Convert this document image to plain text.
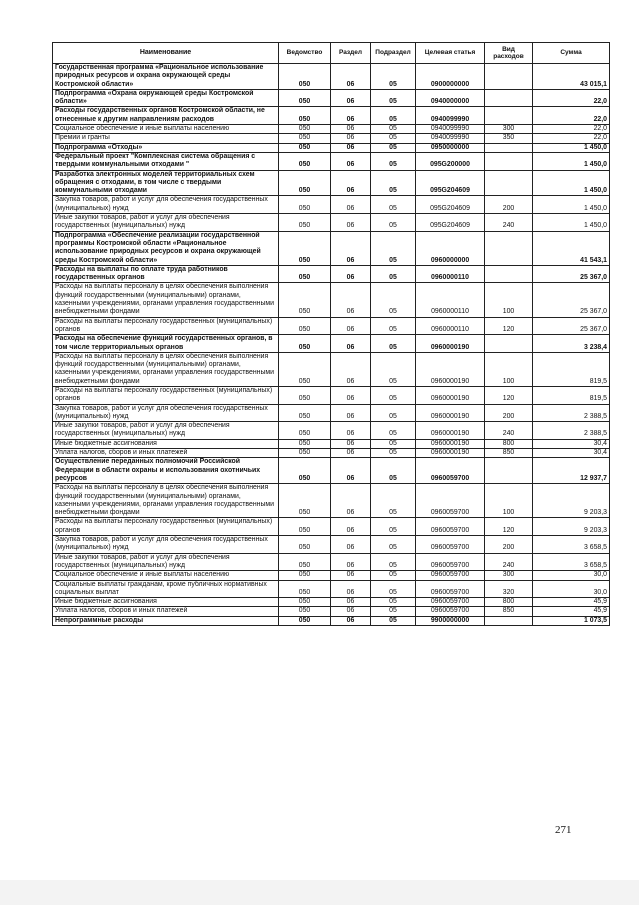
Наименование	Ведомство	Раздел	Подраздел	Целевая статья	Вид расходов	Сумма
Государственная программа «Рациональное использование природных ресурсов и охрана окружающей среды Костромской области»	050	06	05	0900000000		43 015,1
Подпрограмма «Охрана окружающей среды Костромской области»	050	06	05	0940000000		22,0
Расходы государственных органов Костромской области, не отнесенные к другим направлениям расходов	050	06	05	0940099990		22,0
Социальное обеспечение и иные выплаты населению	050	06	05	0940099990	300	22,0
Премии и гранты	050	06	05	0940099990	350	22,0
Подпрограмма «Отходы»	050	06	05	0950000000		1 450,0
Федеральный проект "Комплексная система обращения с твердыми коммунальными отходами "	050	06	05	095G200000		1 450,0
Разработка электронных моделей территориальных схем обращения с отходами, в том числе с твердыми коммунальными отходами	050	06	05	095G204609		1 450,0
Закупка товаров, работ и услуг для обеспечения государственных (муниципальных) нужд	050	06	05	095G204609	200	1 450,0
Иные закупки товаров, работ и услуг для обеспечения государственных (муниципальных) нужд	050	06	05	095G204609	240	1 450,0
Подпрограмма «Обеспечение реализации государственной программы Костромской области «Рациональное использование природных ресурсов и охрана окружающей среды Костромской области»	050	06	05	0960000000		41 543,1
Расходы на выплаты по оплате труда работников государственных органов	050	06	05	0960000110		25 367,0
Расходы на выплаты персоналу в целях обеспечения выполнения функций государственными (муниципальными) органами, казенными учреждениями, органами управления государственными внебюджетными фондами	050	06	05	0960000110	100	25 367,0
Расходы на выплаты персоналу государственных (муниципальных) органов	050	06	05	0960000110	120	25 367,0
Расходы на обеспечение функций государственных органов, в том числе территориальных органов	050	06	05	0960000190		3 238,4
Расходы на выплаты персоналу в целях обеспечения выполнения функций государственными (муниципальными) органами, казенными учреждениями, органами управления государственными внебюджетными фондами	050	06	05	0960000190	100	819,5
Расходы на выплаты персоналу государственных (муниципальных) органов	050	06	05	0960000190	120	819,5
Закупка товаров, работ и услуг для обеспечения государственных (муниципальных) нужд	050	06	05	0960000190	200	2 388,5
Иные закупки товаров, работ и услуг для обеспечения государственных (муниципальных) нужд	050	06	05	0960000190	240	2 388,5
Иные бюджетные ассигнования	050	06	05	0960000190	800	30,4
Уплата налогов, сборов и иных платежей	050	06	05	0960000190	850	30,4
Осуществление переданных полномочий Российской Федерации в области охраны и использования охотничьих ресурсов	050	06	05	0960059700		12 937,7
Расходы на выплаты персоналу в целях обеспечения выполнения функций государственными (муниципальными) органами, казенными учреждениями, органами управления государственными внебюджетными фондами	050	06	05	0960059700	100	9 203,3
Расходы на выплаты персоналу государственных (муниципальных) органов	050	06	05	0960059700	120	9 203,3
Закупка товаров, работ и услуг для обеспечения государственных (муниципальных) нужд	050	06	05	0960059700	200	3 658,5
Иные закупки товаров, работ и услуг для обеспечения государственных (муниципальных) нужд	050	06	05	0960059700	240	3 658,5
Социальное обеспечение и иные выплаты населению	050	06	05	0960059700	300	30,0
Социальные выплаты гражданам, кроме публичных нормативных социальных выплат	050	06	05	0960059700	320	30,0
Иные бюджетные ассигнования	050	06	05	0960059700	800	45,9
Уплата налогов, сборов и иных платежей	050	06	05	0960059700	850	45,9
Непрограммные расходы	050	06	05	9900000000		1 073,5
271
